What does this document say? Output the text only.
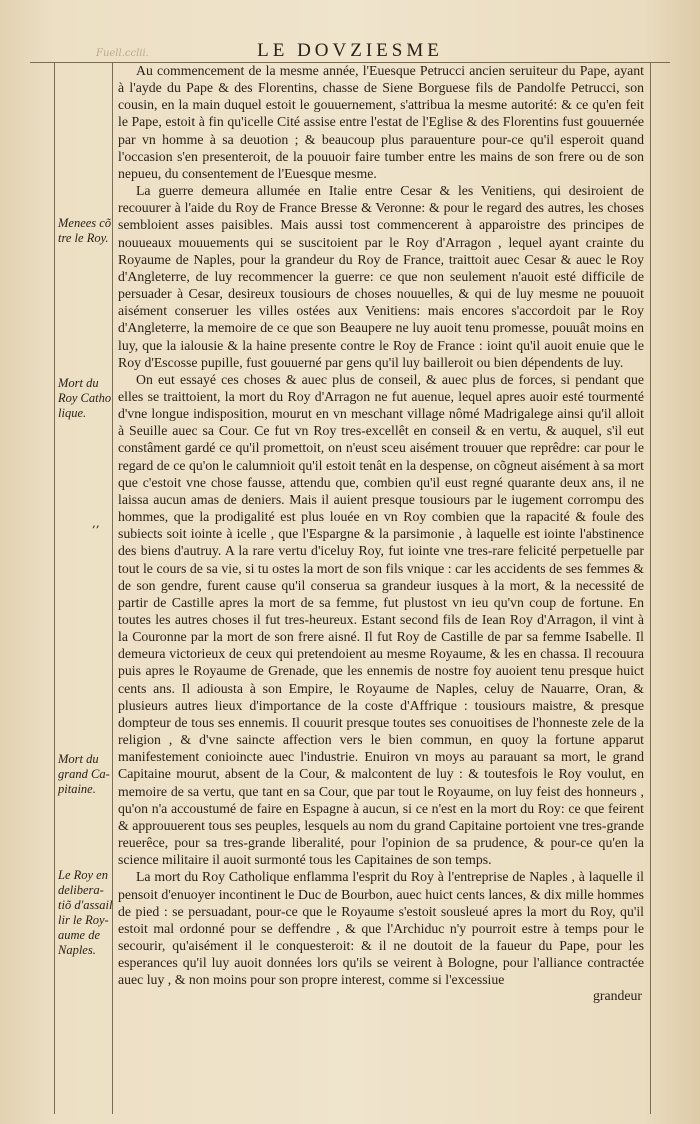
Fuell.cclii.	LE DOVZIESME
Menees cõ
tre le Roy.
Mort du
Roy Catho
lique.
,,
Mort du
grand Ca-
pitaine.
Le Roy en
delibera-
tiõ d'assail
lir le Roy-
aume de
Naples.

Au commencement de la mesme année, l'Euesque Petrucci ancien seruiteur du Pape, ayant à l'ayde du Pape & des Florentins, chasse de Siene Borguese fils de Pandolfe Petrucci, son cousin, en la main duquel estoit le gouuernement, s'attribua la mesme autorité: & ce qu'en feit le Pape, estoit à fin qu'icelle Cité assise entre l'estat de l'Eglise & des Florentins fust gouuernée par vn homme à sa deuotion ; & beaucoup plus parauenture pour-ce qu'il esperoit quand l'occasion s'en presenteroit, de la pouuoir faire tumber entre les mains de son frere ou de son nepueu, du consentement de l'Euesque mesme.

La guerre demeura allumée en Italie entre Cesar & les Venitiens, qui desiroient de recouurer à l'aide du Roy de France Bresse & Veronne: & pour le regard des autres, les choses sembloient asses paisibles. Mais aussi tost commencerent à apparoistre des principes de nouueaux mouuements qui se suscitoient par le Roy d'Arragon , lequel ayant crainte du Royaume de Naples, pour la grandeur du Roy de France, traittoit auec Cesar & auec le Roy d'Angleterre, de luy recommencer la guerre: ce que non seulement n'auoit esté difficile de persuader à Cesar, desireux tousiours de choses nouuelles, & qui de luy mesme ne pouuoit aisément conseruer les villes ostées aux Venitiens: mais encores s'accordoit par le Roy d'Angleterre, la memoire de ce que son Beaupere ne luy auoit tenu promesse, pouuât moins en luy, que la ialousie & la haine presente contre le Roy de France : ioint qu'il auoit enuie que le Roy d'Escosse pupille, fust gouuerné par gens qu'il luy bailleroit ou bien dépendents de luy.

On eut essayé ces choses & auec plus de conseil, & auec plus de forces, si pendant que elles se traittoient, la mort du Roy d'Arragon ne fut auenue, lequel apres auoir esté tourmenté d'vne longue indisposition, mourut en vn meschant village nômé Madrigalege ainsi qu'il alloit à Seuille auec sa Cour. Ce fut vn Roy tres-excellêt en conseil & en vertu, & auquel, s'il eut constâment gardé ce qu'il promettoit, on n'eust sceu aisément trouuer que reprêdre: car pour le regard de ce qu'on le calumnioit qu'il estoit tenât en la despense, on cõgneut aisément à sa mort que c'estoit vne chose fausse, attendu que, combien qu'il eust regné quarante deux ans, il ne laissa aucun amas de deniers. Mais il auient presque tousiours par le iugement corrompu des hommes, que la prodigalité est plus louée en vn Roy combien que la rapacité & foule des subiects soit iointe à icelle , que l'Espargne & la parsimonie , à laquelle est iointe l'abstinence des biens d'autruy. A la rare vertu d'iceluy Roy, fut iointe vne tres-rare felicité perpetuelle par tout le cours de sa vie, si tu ostes la mort de son fils vnique : car les accidents de ses femmes & de son gendre, furent cause qu'il conserua sa grandeur iusques à la mort, & la necessité de partir de Castille apres la mort de sa femme, fut plustost vn ieu qu'vn coup de fortune. En toutes les autres choses il fut tres-heureux. Estant second fils de Iean Roy d'Arragon, il vint à la Couronne par la mort de son frere aisné. Il fut Roy de Castille de par sa femme Isabelle. Il demeura victorieux de ceux qui pretendoient au mesme Royaume, & les en chassa. Il recouura puis apres le Royaume de Grenade, que les ennemis de nostre foy auoient tenu presque huict cents ans. Il adiousta à son Empire, le Royaume de Naples, celuy de Nauarre, Oran, & plusieurs autres lieux d'importance de la coste d'Affrique : tousiours maistre, & presque dompteur de tous ses ennemis. Il couurit presque toutes ses conuoitises de l'honneste zele de la religion , & d'vne saincte affection vers le bien commun, en quoy la fortune apparut manifestement conioincte auec l'industrie. Enuiron vn moys au parauant sa mort, le grand Capitaine mourut, absent de la Cour, & malcontent de luy : & toutesfois le Roy voulut, en memoire de sa vertu, que tant en sa Cour, que par tout le Royaume, on luy feist des honneurs , qu'on n'a accoustumé de faire en Espagne à aucun, si ce n'est en la mort du Roy: ce que feirent & approuuerent tous ses peuples, lesquels au nom du grand Capitaine portoient vne tres-grande reuerêce, pour sa tres-grande liberalité, pour l'opinion de sa prudence, & pour-ce qu'en la science militaire il auoit surmonté tous les Capitaines de son temps.

La mort du Roy Catholique enflamma l'esprit du Roy à l'entreprise de Naples , à laquelle il pensoit d'enuoyer incontinent le Duc de Bourbon, auec huict cents lances, & dix mille hommes de pied : se persuadant, pour-ce que le Royaume s'estoit sousleué apres la mort du Roy, qu'il estoit mal ordonné pour se deffendre , & que l'Archiduc n'y pourroit estre à temps pour le secourir, qu'aisément il le conquesteroit: & il ne doutoit de la faueur du Pape, pour les esperances qu'il luy auoit données lors qu'ils se veirent à Bologne, pour l'alliance contractée auec luy , & non moins pour son propre interest, comme si l'excessiue

grandeur
